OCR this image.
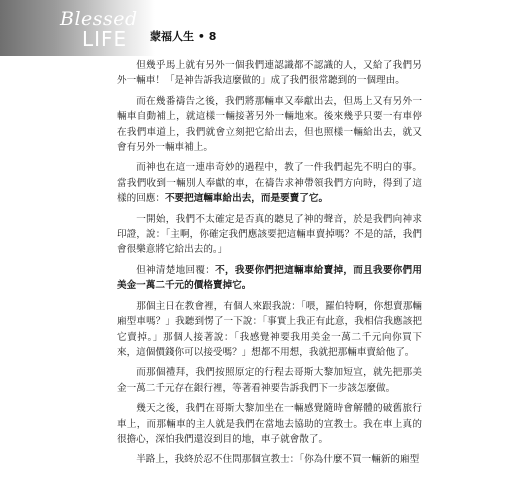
Blessed
LIFE 蒙福人生 • 8

但幾乎馬上就有另外一個我們連認識都不認識的人，又給了我們另外一輛車！「是神告訴我這麼做的」成了我們很常聽到的一個理由。

而在幾番禱告之後，我們將那輛車又奉獻出去，但馬上又有另外一輛車自動補上，就這樣一輛接著另外一輛地來。後來幾乎只要一有車停在我們車道上，我們就會立刻把它給出去，但也照樣一輛給出去，就又會有另外一輛車補上。

而神也在這一連串奇妙的過程中，教了一件我們起先不明白的事。當我們收到一輛別人奉獻的車，在禱告求神帶領我們方向時，得到了這樣的回應：不要把這輛車給出去，而是要賣了它。

一開始，我們不太確定是否真的聽見了神的聲音，於是我們向神求印證，說：「主啊，你確定我們應該要把這輛車賣掉嗎？不是的話，我們會很樂意將它給出去的。」

但神清楚地回覆：不，我要你們把這輛車給賣掉，而且我要你們用美金一萬二千元的價格賣掉它。

那個主日在教會裡，有個人來跟我說：「喂，羅伯特啊，你想賣那輛廂型車嗎？」我聽到愣了一下說：「事實上我正有此意，我相信我應該把它賣掉。」那個人接著說：「我感覺神要我用美金一萬二千元向你買下來，這個價錢你可以接受嗎？」想都不用想，我就把那輛車賣給他了。

而那個禮拜，我們按照原定的行程去哥斯大黎加短宣，就先把那美金一萬二千元存在銀行裡，等著看神要告訴我們下一步該怎麼做。

幾天之後，我們在哥斯大黎加坐在一輛感覺隨時會解體的破舊旅行車上，而那輛車的主人就是我們在當地去協助的宣教士。我在車上真的很擔心，深怕我們還沒到目的地，車子就會散了。

半路上，我終於忍不住問那個宣教士：「你為什麼不買一輛新的廂型
